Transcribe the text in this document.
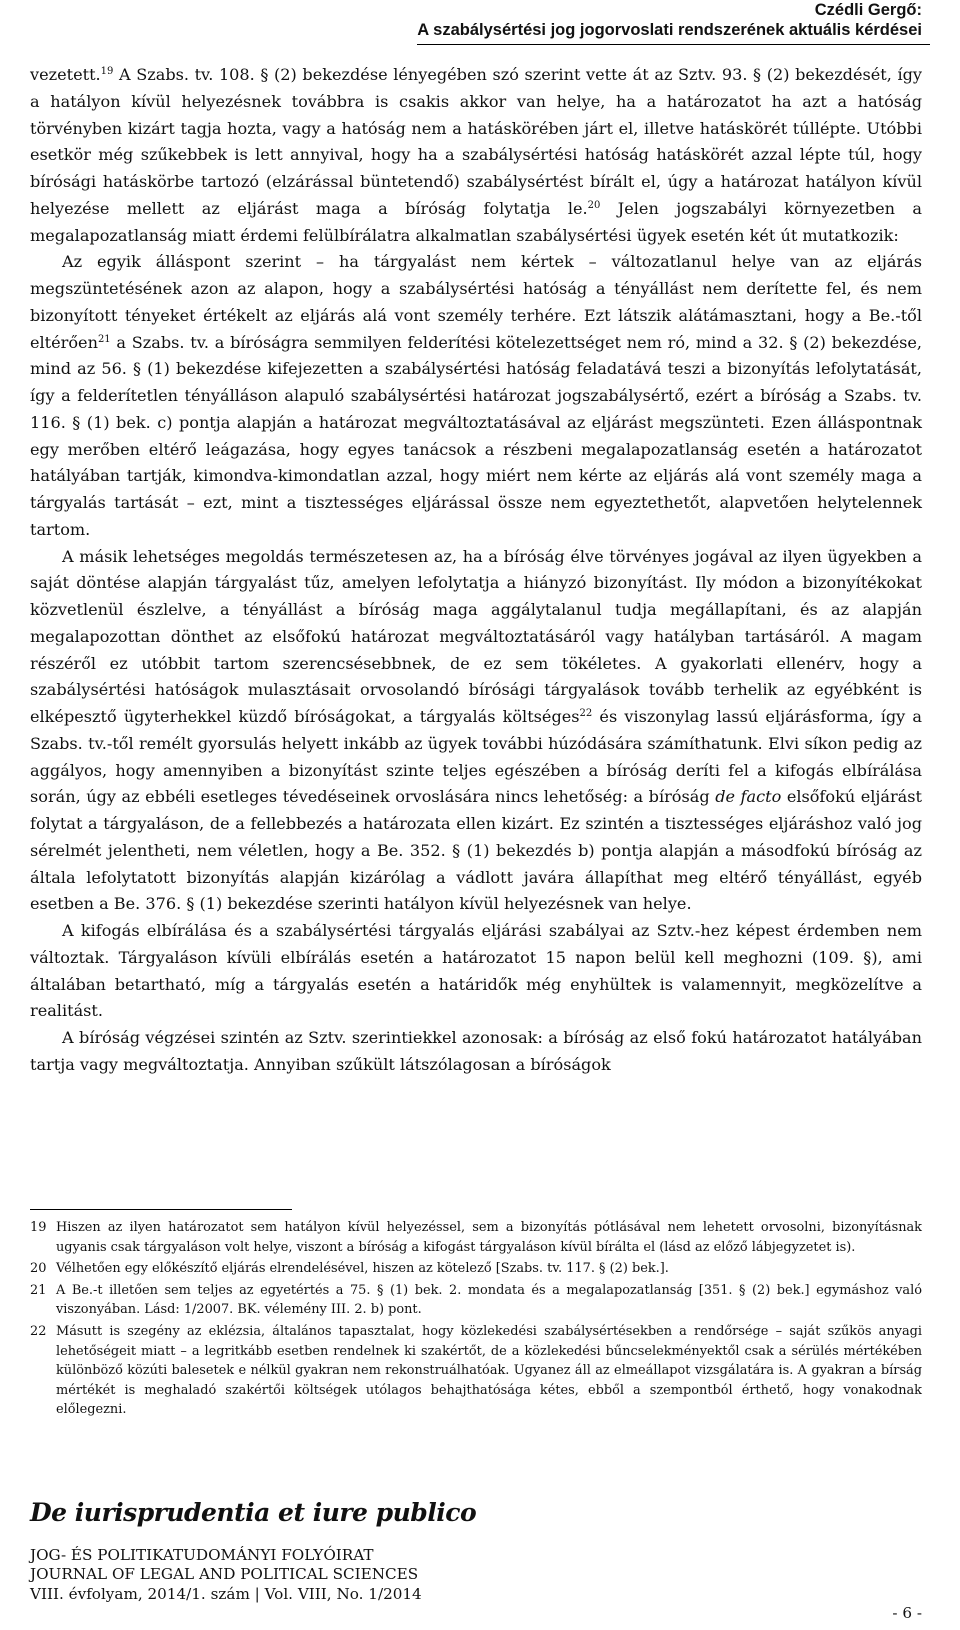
Czédli Gergő:
A szabálysértési jog jogorvoslati rendszerének aktuális kérdései

vezetett.$^{19}$ A Szabs. tv. 108. § (2) bekezdése lényegében szó szerint vette át az Sztv. 93. § (2) bekezdését, így a hatályon kívül helyezésnek továbbra is csakis akkor van helye, ha a határozatot ha azt a hatóság törvényben kizárt tagja hozta, vagy a hatóság nem a hatáskörében járt el, illetve hatáskörét túllépte. Utóbbi esetkör még szűkebbek is lett annyival, hogy ha a szabálysértési hatóság hatáskörét azzal lépte túl, hogy bírósági hatáskörbe tartozó (elzárással büntetendő) szabálysértést bírált el, úgy a határozat hatályon kívül helyezése mellett az eljárást maga a bíróság folytatja le.$^{20}$ Jelen jogszabályi környezetben a megalapozatlanság miatt érdemi felülbírálatra alkalmatlan szabálysértési ügyek esetén két út mutatkozik:

Az egyik álláspont szerint – ha tárgyalást nem kértek – változatlanul helye van az eljárás megszüntetésének azon az alapon, hogy a szabálysértési hatóság a tényállást nem derítette fel, és nem bizonyított tényeket értékelt az eljárás alá vont személy terhére. Ezt látszik alátámasztani, hogy a Be.-től eltérően$^{21}$ a Szabs. tv. a bíróságra semmilyen felderítési kötelezettséget nem ró, mind a 32. § (2) bekezdése, mind az 56. § (1) bekezdése kifejezetten a szabálysértési hatóság feladatává teszi a bizonyítás lefolytatását, így a felderítetlen tényálláson alapuló szabálysértési határozat jogszabálysértő, ezért a bíróság a Szabs. tv. 116. § (1) bek. c) pontja alapján a határozat megváltoztatásával az eljárást megszünteti. Ezen álláspontnak egy merőben eltérő leágazása, hogy egyes tanácsok a részbeni megalapozatlanság esetén a határozatot hatályában tartják, kimondva-kimondatlan azzal, hogy miért nem kérte az eljárás alá vont személy maga a tárgyalás tartását – ezt, mint a tisztességes eljárással össze nem egyeztethetőt, alapvetően helytelennek tartom.

A másik lehetséges megoldás természetesen az, ha a bíróság élve törvényes jogával az ilyen ügyekben a saját döntése alapján tárgyalást tűz, amelyen lefolytatja a hiányzó bizonyítást. Ily módon a bizonyítékokat közvetlenül észlelve, a tényállást a bíróság maga aggálytalanul tudja megállapítani, és az alapján megalapozottan dönthet az elsőfokú határozat megváltoztatásáról vagy hatályban tartásáról. A magam részéről ez utóbbit tartom szerencsésebbnek, de ez sem tökéletes. A gyakorlati ellenérv, hogy a szabálysértési hatóságok mulasztásait orvosolandó bírósági tárgyalások tovább terhelik az egyébként is elképesztő ügyterhekkel küzdő bíróságokat, a tárgyalás költséges$^{22}$ és viszonylag lassú eljárásforma, így a Szabs. tv.-től remélt gyorsulás helyett inkább az ügyek további húzódására számíthatunk. Elvi síkon pedig az aggályos, hogy amennyiben a bizonyítást szinte teljes egészében a bíróság deríti fel a kifogás elbírálása során, úgy az ebbéli esetleges tévedéseinek orvoslására nincs lehetőség: a bíróság de facto elsőfokú eljárást folytat a tárgyaláson, de a fellebbezés a határozata ellen kizárt. Ez szintén a tisztességes eljáráshoz való jog sérelmét jelentheti, nem véletlen, hogy a Be. 352. § (1) bekezdés b) pontja alapján a másodfokú bíróság az általa lefolytatott bizonyítás alapján kizárólag a vádlott javára állapíthat meg eltérő tényállást, egyéb esetben a Be. 376. § (1) bekezdése szerinti hatályon kívül helyezésnek van helye.

A kifogás elbírálása és a szabálysértési tárgyalás eljárási szabályai az Sztv.-hez képest érdemben nem változtak. Tárgyaláson kívüli elbírálás esetén a határozatot 15 napon belül kell meghozni (109. §), ami általában betartható, míg a tárgyalás esetén a határidők még enyhültek is valamennyit, megközelítve a realitást.

A bíróság végzései szintén az Sztv. szerintiekkel azonosak: a bíróság az első fokú határozatot hatályában tartja vagy megváltoztatja. Annyiban szűkült látszólagosan a bíróságok

19 Hiszen az ilyen határozatot sem hatályon kívül helyezéssel, sem a bizonyítás pótlásával nem lehetett orvosolni, bizonyításnak ugyanis csak tárgyaláson volt helye, viszont a bíróság a kifogást tárgyaláson kívül bírálta el (lásd az előző lábjegyzetet is).
20 Vélhetően egy előkészítő eljárás elrendelésével, hiszen az kötelező [Szabs. tv. 117. § (2) bek.].
21 A Be.-t illetően sem teljes az egyetértés a 75. § (1) bek. 2. mondata és a megalapozatlanság [351. § (2) bek.] egymáshoz való viszonyában. Lásd: 1/2007. BK. vélemény III. 2. b) pont.
22 Másutt is szegény az eklézsia, általános tapasztalat, hogy közlekedési szabálysértésekben a rendőrsége – saját szűkös anyagi lehetőségeit miatt – a legritkább esetben rendelnek ki szakértőt, de a közlekedési bűncselekményektől csak a sérülés mértékében különböző közúti balesetek e nélkül gyakran nem rekonstruálhatóak. Ugyanez áll az elmeállapot vizsgálatára is. A gyakran a bírság mértékét is meghaladó szakértői költségek utólagos behajthatósága kétes, ebből a szempontból érthető, hogy vonakodnak előlegezni.
De iurisprudentia et iure publico
JOG- ÉS POLITIKATUDOMÁNYI FOLYÓIRAT
JOURNAL OF LEGAL AND POLITICAL SCIENCES
VIII. évfolyam, 2014/1. szám | Vol. VIII, No. 1/2014
- 6 -
